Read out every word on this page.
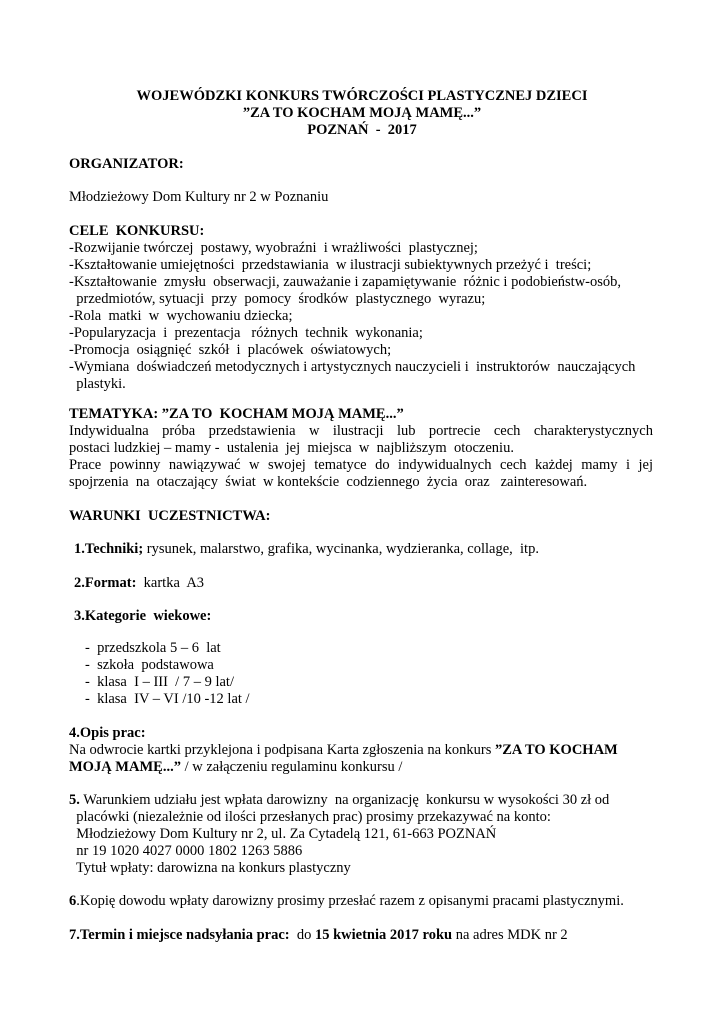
WOJEWÓDZKI KONKURS TWÓRCZOŚCI PLASTYCZNEJ DZIECI
”ZA TO KOCHAM MOJĄ MAMĘ...”
POZNAŃ  -  2017
ORGANIZATOR:
Młodzieżowy Dom Kultury nr 2 w Poznaniu
CELE  KONKURSU:
-Rozwijanie twórczej  postawy, wyobraźni  i wrażliwości  plastycznej;
-Kształtowanie umiejętności  przedstawiania  w ilustracji subiektywnych przeżyć i  treści;
-Kształtowanie  zmysłu  obserwacji, zauważanie i zapamiętywanie  różnic i podobieństw-osób,
przedmiotów, sytuacji  przy  pomocy  środków  plastycznego  wyrazu;
-Rola  matki  w  wychowaniu dziecka;
-Popularyzacja  i  prezentacja   różnych  technik  wykonania;
-Promocja  osiągnięć  szkół  i  placówek  oświatowych;
-Wymiana  doświadczeń metodycznych i artystycznych nauczycieli i  instruktorów  nauczających
plastyki.
TEMATYKA: ”ZA TO  KOCHAM MOJĄ MAMĘ...”
Indywidualna próba przedstawienia w ilustracji lub portrecie cech charakterystycznych
postaci ludzkiej – mamy -  ustalenia  jej  miejsca  w  najbliższym  otoczeniu.
Prace powinny nawiązywać w swojej tematyce do indywidualnych cech każdej mamy i jej
spojrzenia  na  otaczający  świat  w kontekście  codziennego  życia  oraz   zainteresowań.
WARUNKI  UCZESTNICTWA:
1.Techniki; rysunek, malarstwo, grafika, wycinanka, wydzieranka, collage,  itp.
2.Format:  kartka  A3
3.Kategorie  wiekowe:
-  przedszkola 5 – 6  lat
-  szkoła  podstawowa
-  klasa  I – III  / 7 – 9 lat/
-  klasa  IV – VI /10 -12 lat /
4.Opis prac:
Na odwrocie kartki przyklejona i podpisana Karta zgłoszenia na konkurs ”ZA TO KOCHAM
MOJĄ MAMĘ...” / w załączeniu regulaminu konkursu /
5. Warunkiem udziału jest wpłata darowizny  na organizację  konkursu w wysokości 30 zł od
placówki (niezależnie od ilości przesłanych prac) prosimy przekazywać na konto:
Młodzieżowy Dom Kultury nr 2, ul. Za Cytadelą 121, 61-663 POZNAŃ
nr 19 1020 4027 0000 1802 1263 5886
Tytuł wpłaty: darowizna na konkurs plastyczny
6.Kopię dowodu wpłaty darowizny prosimy przesłać razem z opisanymi pracami plastycznymi.
7.Termin i miejsce nadsyłania prac:  do 15 kwietnia 2017 roku na adres MDK nr 2
